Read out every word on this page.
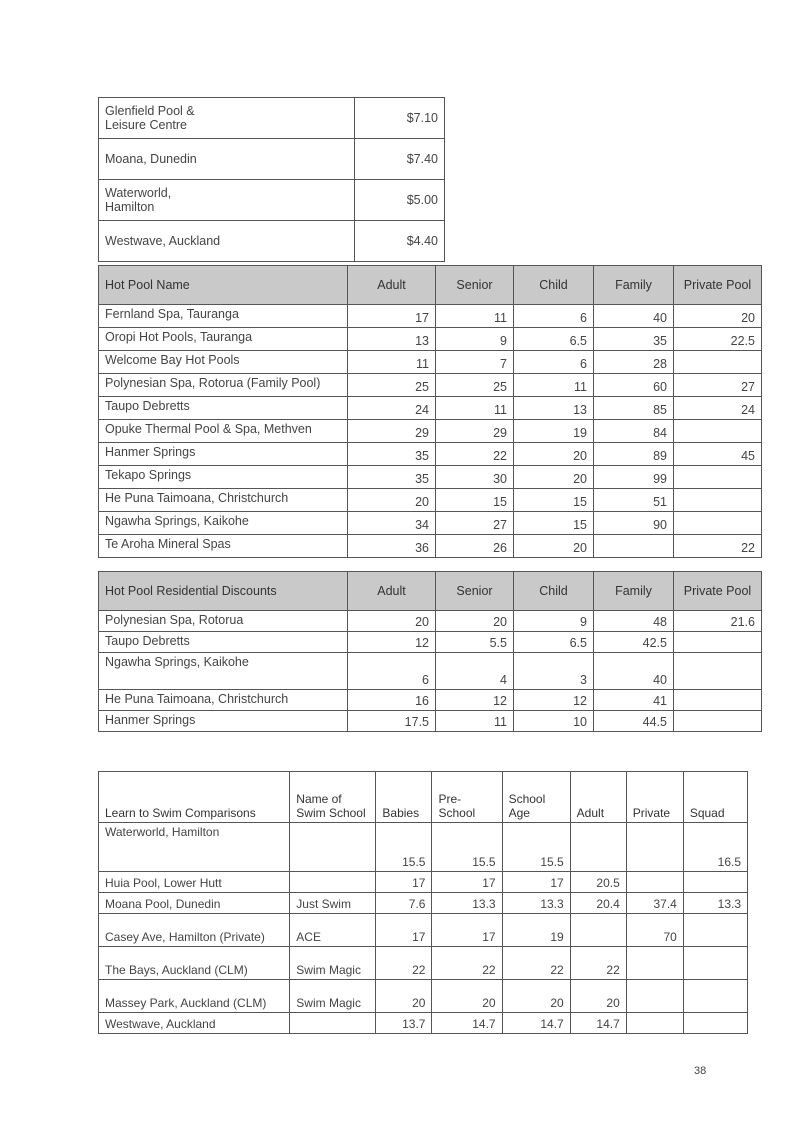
Glenfield Pool &
Leisure Centre	$7.10
Moana, Dunedin	$7.40
Waterworld,
Hamilton	$5.00
Westwave, Auckland	$4.40
Hot Pool Name	Adult	Senior	Child	Family	Private Pool
Fernland Spa, Tauranga	17	11	6	40	20
Oropi Hot Pools, Tauranga	13	9	6.5	35	22.5
Welcome Bay Hot Pools	11	7	6	28	
Polynesian Spa, Rotorua (Family Pool)	25	25	11	60	27
Taupo Debretts	24	11	13	85	24
Opuke Thermal Pool & Spa, Methven	29	29	19	84	
Hanmer Springs	35	22	20	89	45
Tekapo Springs	35	30	20	99	
He Puna Taimoana, Christchurch	20	15	15	51	
Ngawha Springs, Kaikohe	34	27	15	90	
Te Aroha Mineral Spas	36	26	20		22
Hot Pool Residential Discounts	Adult	Senior	Child	Family	Private Pool
Polynesian Spa, Rotorua	20	20	9	48	21.6
Taupo Debretts	12	5.5	6.5	42.5	
Ngawha Springs, Kaikohe	6	4	3	40	
He Puna Taimoana, Christchurch	16	12	12	41	
Hanmer Springs	17.5	11	10	44.5	
Learn to Swim Comparisons	Name of Swim School	Babies	Pre-School	School Age	Adult	Private	Squad
Waterworld, Hamilton		15.5	15.5	15.5			16.5
Huia Pool, Lower Hutt		17	17	17	20.5		
Moana Pool, Dunedin	Just Swim	7.6	13.3	13.3	20.4	37.4	13.3
Casey Ave, Hamilton (Private)	ACE	17	17	19		70	
The Bays, Auckland (CLM)	Swim Magic	22	22	22	22		
Massey Park, Auckland (CLM)	Swim Magic	20	20	20	20		
Westwave, Auckland		13.7	14.7	14.7	14.7		
38
